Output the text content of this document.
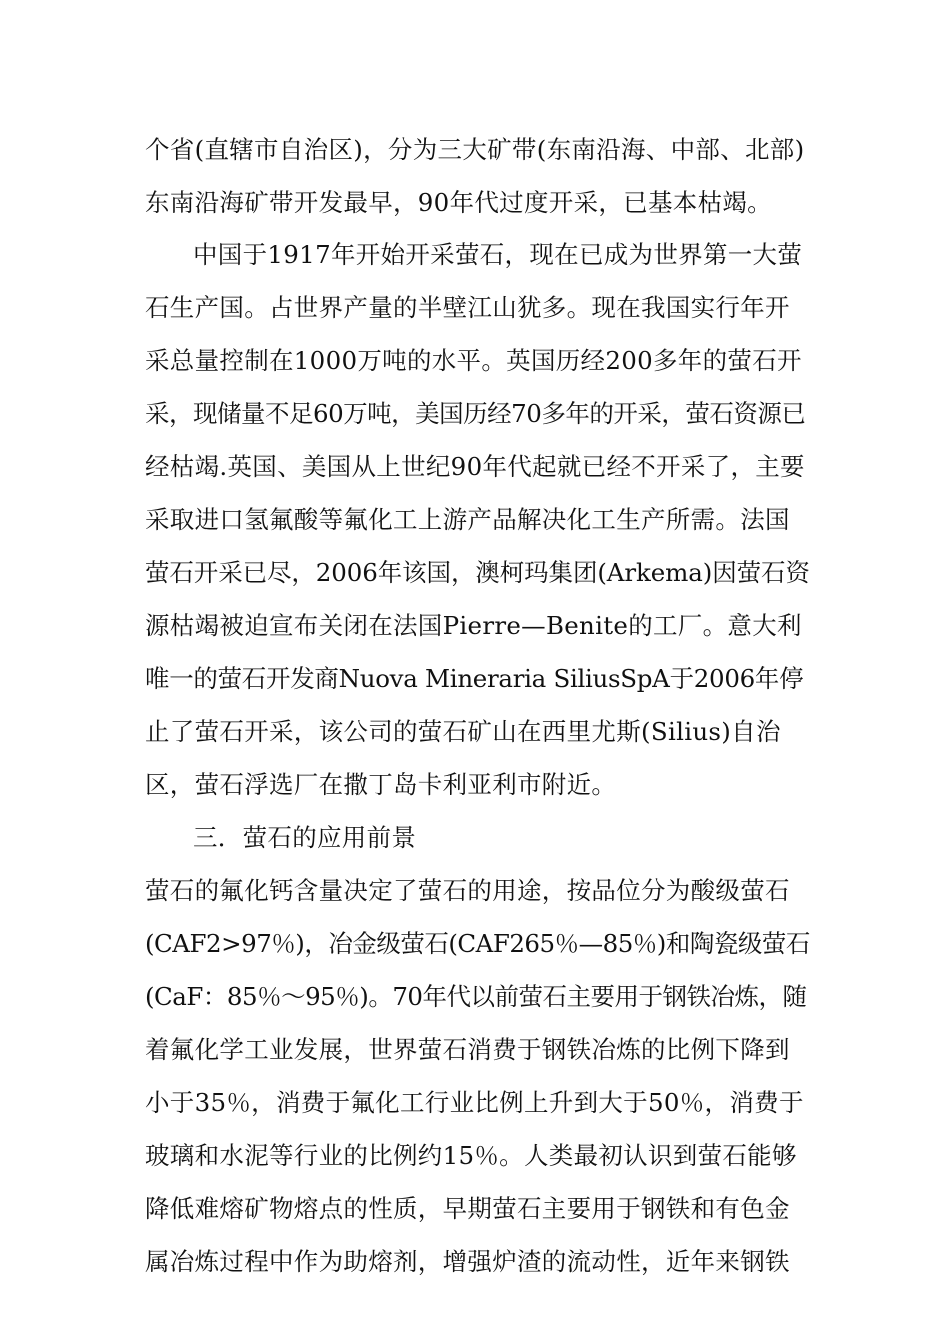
个省(直辖市自治区)，分为三大矿带(东南沿海、中部、北部)
东南沿海矿带开发最早，90年代过度开采，已基本枯竭。
中国于1917年开始开采萤石，现在已成为世界第一大萤
石生产国。占世界产量的半壁江山犹多。现在我国实行年开
采总量控制在1000万吨的水平。英国历经200多年的萤石开
采，现储量不足60万吨，美国历经70多年的开采，萤石资源已
经枯竭.英国、美国从上世纪90年代起就已经不开采了，主要
采取进口氢氟酸等氟化工上游产品解决化工生产所需。法国
萤石开采已尽，2006年该国，澳柯玛集团(Arkema)因萤石资
源枯竭被迫宣布关闭在法国Pierre—Benite的工厂。意大利
唯一的萤石开发商Nuova Mineraria SiliusSpA于2006年停
止了萤石开采，该公司的萤石矿山在西里尤斯(Silius)自治
区，萤石浮选厂在撒丁岛卡利亚利市附近。
三．萤石的应用前景
萤石的氟化钙含量决定了萤石的用途，按品位分为酸级萤石
(CAF2>97％)，冶金级萤石(CAF265％—85％)和陶瓷级萤石
(CaF：85％～95％)。70年代以前萤石主要用于钢铁冶炼，随
着氟化学工业发展，世界萤石消费于钢铁冶炼的比例下降到
小于35％，消费于氟化工行业比例上升到大于50％，消费于
玻璃和水泥等行业的比例约15％。人类最初认识到萤石能够
降低难熔矿物熔点的性质，早期萤石主要用于钢铁和有色金
属冶炼过程中作为助熔剂，增强炉渣的流动性，近年来钢铁
